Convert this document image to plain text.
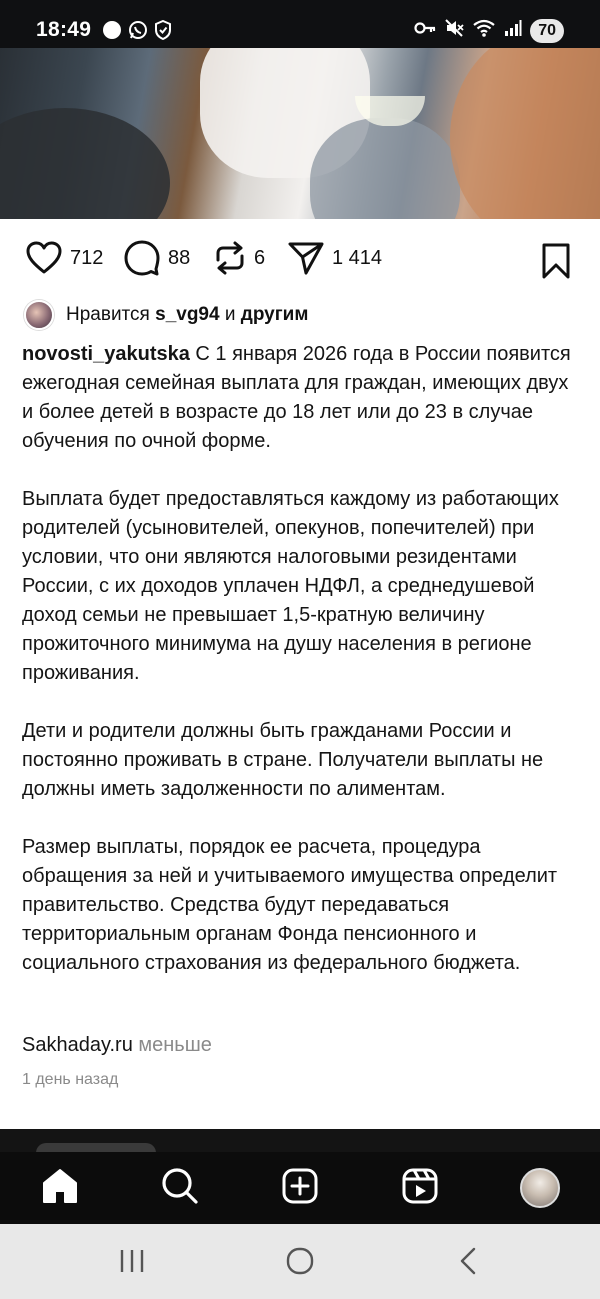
18:49	70
712	88	6	1 414
Нравится s_vg94 и другим

novosti_yakutska С 1 января 2026 года в России появится ежегодная семейная выплата для граждан, имеющих двух и более детей в возрасте до 18 лет или до 23 в случае обучения по очной форме.

Выплата будет предоставляться каждому из работающих родителей (усыновителей, опекунов, попечителей) при условии, что они являются налоговыми резидентами России, с их доходов уплачен НДФЛ, а среднедушевой доход семьи не превышает 1,5-кратную величину прожиточного минимума на душу населения в регионе проживания.

Дети и родители должны быть гражданами России и постоянно проживать в стране. Получатели выплаты не должны иметь задолженности по алиментам.

Размер выплаты, порядок ее расчета, процедура обращения за ней и учитываемого имущества определит правительство. Средства будут передаваться территориальным органам Фонда пенсионного и социального страхования из федерального бюджета.

Sakhaday.ru меньше
1 день назад
